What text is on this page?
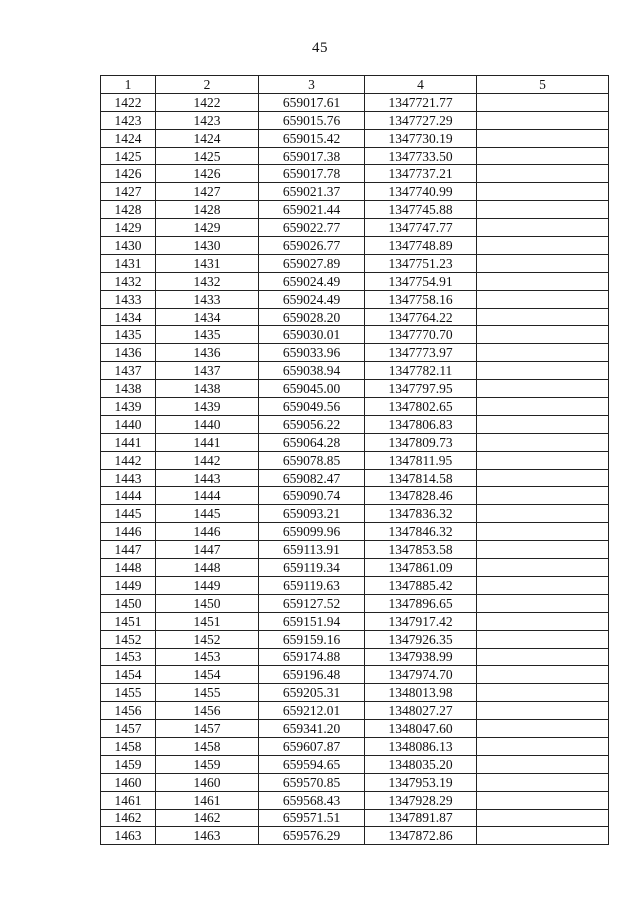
45
1	2	3	4	5
1422	1422	659017.61	1347721.77	
1423	1423	659015.76	1347727.29	
1424	1424	659015.42	1347730.19	
1425	1425	659017.38	1347733.50	
1426	1426	659017.78	1347737.21	
1427	1427	659021.37	1347740.99	
1428	1428	659021.44	1347745.88	
1429	1429	659022.77	1347747.77	
1430	1430	659026.77	1347748.89	
1431	1431	659027.89	1347751.23	
1432	1432	659024.49	1347754.91	
1433	1433	659024.49	1347758.16	
1434	1434	659028.20	1347764.22	
1435	1435	659030.01	1347770.70	
1436	1436	659033.96	1347773.97	
1437	1437	659038.94	1347782.11	
1438	1438	659045.00	1347797.95	
1439	1439	659049.56	1347802.65	
1440	1440	659056.22	1347806.83	
1441	1441	659064.28	1347809.73	
1442	1442	659078.85	1347811.95	
1443	1443	659082.47	1347814.58	
1444	1444	659090.74	1347828.46	
1445	1445	659093.21	1347836.32	
1446	1446	659099.96	1347846.32	
1447	1447	659113.91	1347853.58	
1448	1448	659119.34	1347861.09	
1449	1449	659119.63	1347885.42	
1450	1450	659127.52	1347896.65	
1451	1451	659151.94	1347917.42	
1452	1452	659159.16	1347926.35	
1453	1453	659174.88	1347938.99	
1454	1454	659196.48	1347974.70	
1455	1455	659205.31	1348013.98	
1456	1456	659212.01	1348027.27	
1457	1457	659341.20	1348047.60	
1458	1458	659607.87	1348086.13	
1459	1459	659594.65	1348035.20	
1460	1460	659570.85	1347953.19	
1461	1461	659568.43	1347928.29	
1462	1462	659571.51	1347891.87	
1463	1463	659576.29	1347872.86	
